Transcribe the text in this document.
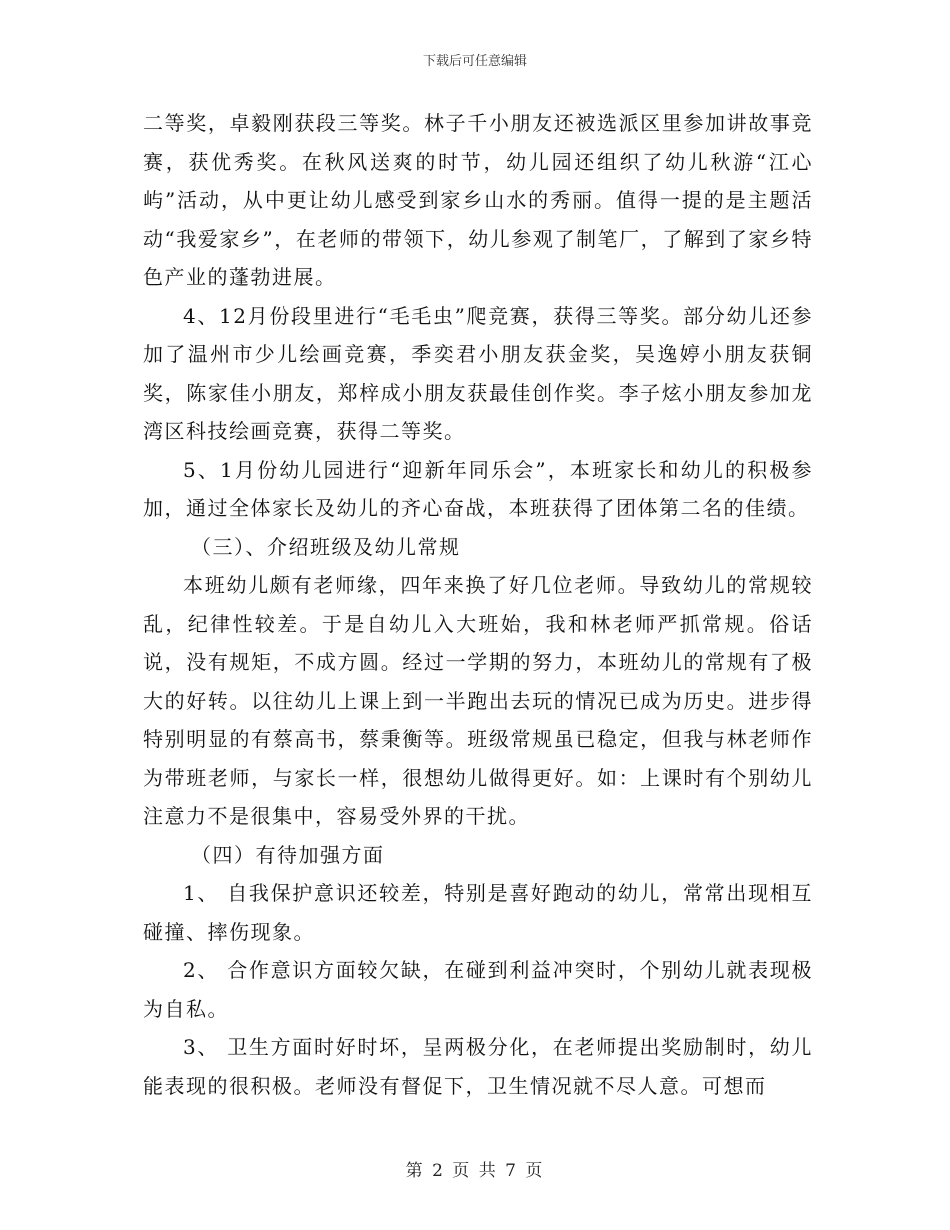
下载后可任意编辑

二等奖，卓毅刚获段三等奖。林子千小朋友还被选派区里参加讲故事竞赛，获优秀奖。在秋风送爽的时节，幼儿园还组织了幼儿秋游“江心屿”活动，从中更让幼儿感受到家乡山水的秀丽。值得一提的是主题活动“我爱家乡”，在老师的带领下，幼儿参观了制笔厂，了解到了家乡特色产业的蓬勃进展。

4、12月份段里进行“毛毛虫”爬竞赛，获得三等奖。部分幼儿还参加了温州市少儿绘画竞赛，季奕君小朋友获金奖，吴逸婷小朋友获铜奖，陈家佳小朋友，郑梓成小朋友获最佳创作奖。李子炫小朋友参加龙湾区科技绘画竞赛，获得二等奖。

5、1月份幼儿园进行“迎新年同乐会”，本班家长和幼儿的积极参加，通过全体家长及幼儿的齐心奋战，本班获得了团体第二名的佳绩。

（三）、介绍班级及幼儿常规

本班幼儿颇有老师缘，四年来换了好几位老师。导致幼儿的常规较乱，纪律性较差。于是自幼儿入大班始，我和林老师严抓常规。俗话说，没有规矩，不成方圆。经过一学期的努力，本班幼儿的常规有了极大的好转。以往幼儿上课上到一半跑出去玩的情况已成为历史。进步得特别明显的有蔡高书，蔡秉衡等。班级常规虽已稳定，但我与林老师作为带班老师，与家长一样，很想幼儿做得更好。如：上课时有个别幼儿注意力不是很集中，容易受外界的干扰。

（四）有待加强方面

1、 自我保护意识还较差，特别是喜好跑动的幼儿，常常出现相互碰撞、摔伤现象。

2、 合作意识方面较欠缺，在碰到利益冲突时，个别幼儿就表现极为自私。

3、 卫生方面时好时坏，呈两极分化，在老师提出奖励制时，幼儿能表现的很积极。老师没有督促下，卫生情况就不尽人意。可想而

第 2 页 共 7 页
